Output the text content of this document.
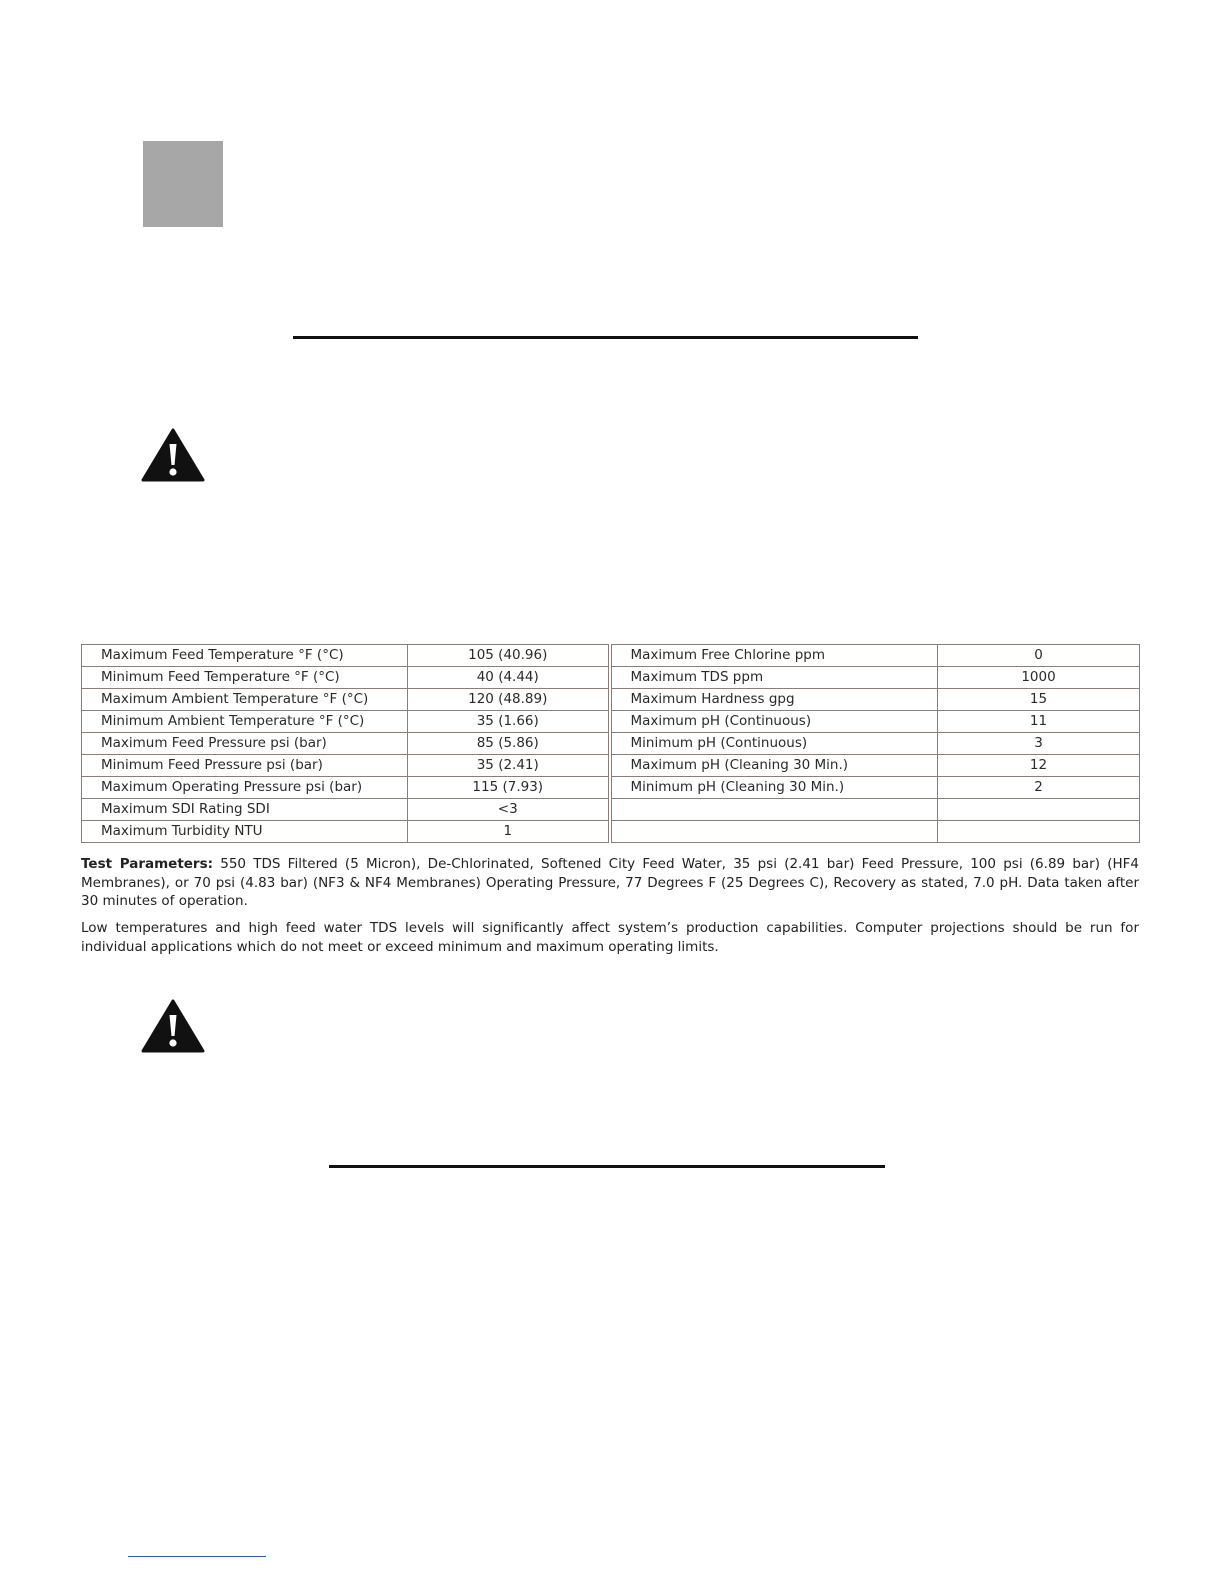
Maximum Feed Temperature °F (°C)	105 (40.96)	Maximum Free Chlorine ppm	0
Minimum Feed Temperature °F (°C)	40 (4.44)	Maximum TDS ppm	1000
Maximum Ambient Temperature °F (°C)	120 (48.89)	Maximum Hardness gpg	15
Minimum Ambient Temperature °F (°C)	35 (1.66)	Maximum pH (Continuous)	11
Maximum Feed Pressure psi (bar)	85 (5.86)	Minimum pH (Continuous)	3
Minimum Feed Pressure psi (bar)	35 (2.41)	Maximum pH (Cleaning 30 Min.)	12
Maximum Operating Pressure psi (bar)	115 (7.93)	Minimum pH (Cleaning 30 Min.)	2
Maximum SDI Rating SDI	<3		
Maximum Turbidity NTU	1		

Test Parameters: 550 TDS Filtered (5 Micron), De-Chlorinated, Softened City Feed Water, 35 psi (2.41 bar) Feed Pressure, 100 psi (6.89 bar) (HF4 Membranes), or 70 psi (4.83 bar) (NF3 & NF4 Membranes) Operating Pressure, 77 Degrees F (25 Degrees C), Recovery as stated, 7.0 pH. Data taken after 30 minutes of operation.

Low temperatures and high feed water TDS levels will significantly affect system’s production capabilities. Computer projections should be run for individual applications which do not meet or exceed minimum and maximum operating limits.
